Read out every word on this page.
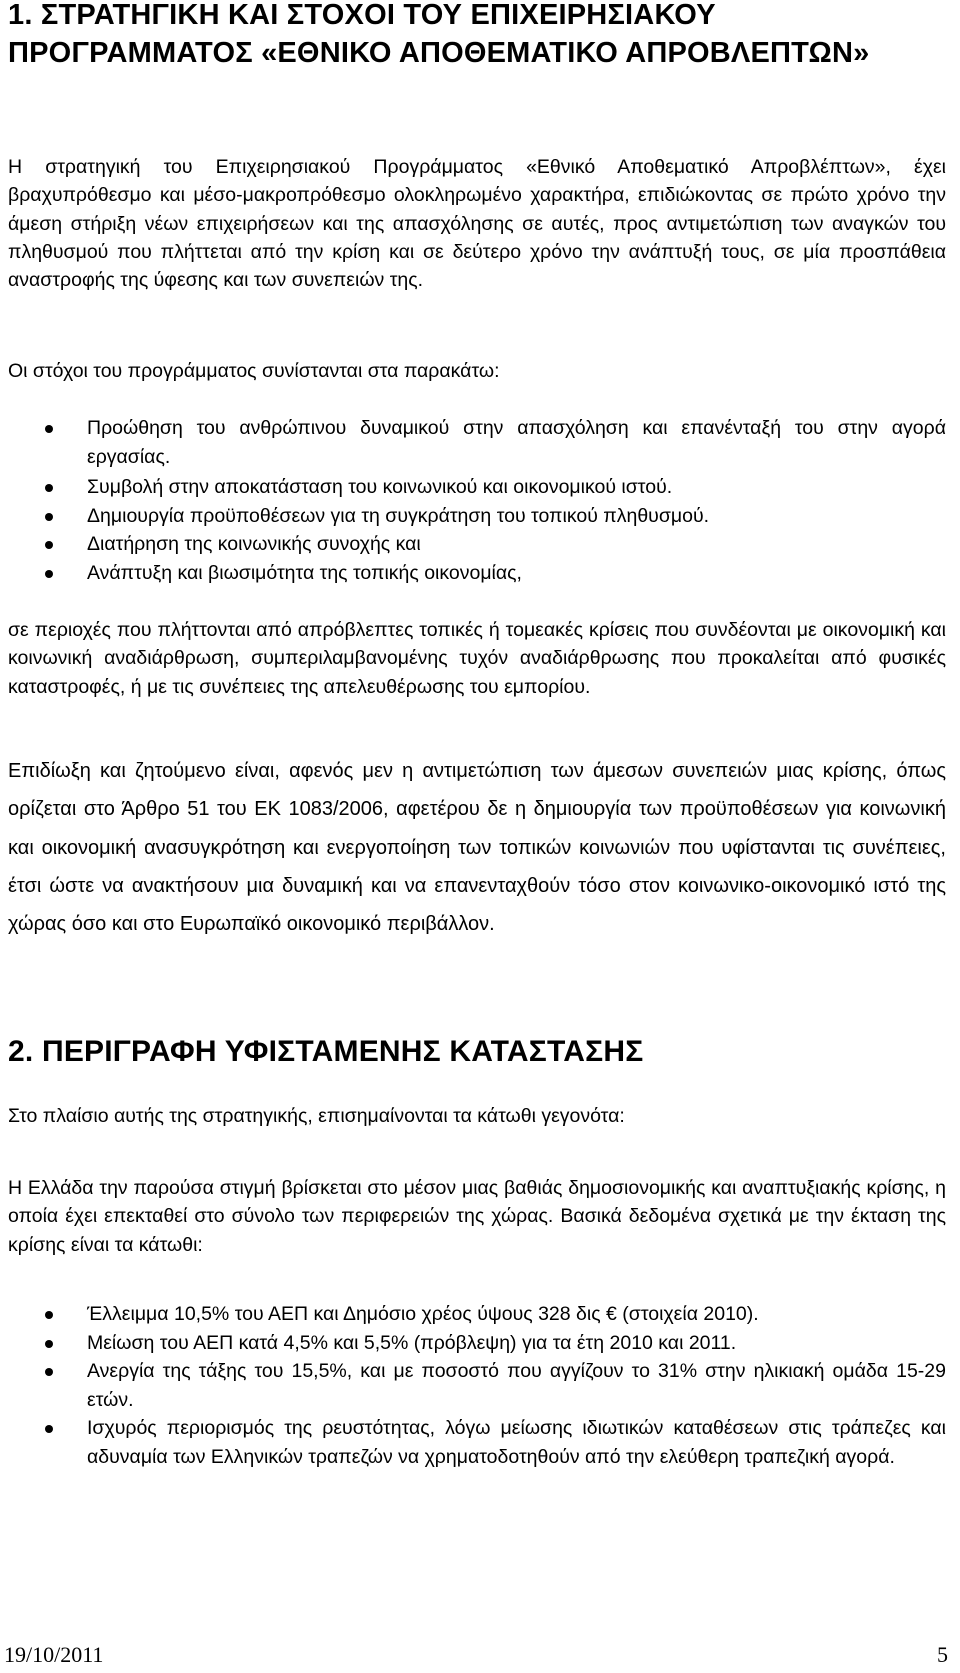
1. ΣΤΡΑΤΗΓΙΚΗ ΚΑΙ ΣΤΟΧΟΙ ΤΟΥ ΕΠΙΧΕΙΡΗΣΙΑΚΟΥ ΠΡΟΓΡΑΜΜΑΤΟΣ «ΕΘΝΙΚΟ ΑΠΟΘΕΜΑΤΙΚΟ ΑΠΡΟΒΛΕΠΤΩΝ»

Η στρατηγική του Επιχειρησιακού Προγράμματος «Εθνικό Αποθεματικό Απροβλέπτων», έχει βραχυπρόθεσμο και μέσο-μακροπρόθεσμο ολοκληρωμένο χαρακτήρα, επιδιώκοντας σε πρώτο χρόνο την άμεση στήριξη νέων επιχειρήσεων και της απασχόλησης σε αυτές, προς αντιμετώπιση των αναγκών του πληθυσμού που πλήττεται από την κρίση και σε δεύτερο χρόνο την ανάπτυξή τους, σε μία προσπάθεια αναστροφής της ύφεσης και των συνεπειών της.

Οι στόχοι του προγράμματος συνίστανται στα παρακάτω:

Προώθηση του ανθρώπινου δυναμικού στην απασχόληση και επανένταξή του στην αγορά εργασίας.
Συμβολή στην αποκατάσταση του κοινωνικού και οικονομικού ιστού.
Δημιουργία προϋποθέσεων για τη συγκράτηση του τοπικού πληθυσμού.
Διατήρηση της κοινωνικής συνοχής και
Ανάπτυξη και βιωσιμότητα της τοπικής οικονομίας,

σε περιοχές που πλήττονται από απρόβλεπτες τοπικές ή τομεακές κρίσεις που συνδέονται με οικονομική και κοινωνική αναδιάρθρωση, συμπεριλαμβανομένης τυχόν αναδιάρθρωσης που προκαλείται από φυσικές καταστροφές, ή με τις συνέπειες της απελευθέρωσης του εμπορίου.

Επιδίωξη και ζητούμενο είναι, αφενός μεν η αντιμετώπιση των άμεσων συνεπειών μιας κρίσης, όπως ορίζεται στο Άρθρο 51 του ΕΚ 1083/2006, αφετέρου δε η δημιουργία των προϋποθέσεων για κοινωνική και οικονομική ανασυγκρότηση και ενεργοποίηση των τοπικών κοινωνιών που υφίστανται τις συνέπειες, έτσι ώστε να ανακτήσουν μια δυναμική και να επανενταχθούν τόσο στον κοινωνικο-οικονομικό ιστό της χώρας όσο και στο Ευρωπαϊκό οικονομικό περιβάλλον.

2. ΠΕΡΙΓΡΑΦΗ ΥΦΙΣΤΑΜΕΝΗΣ ΚΑΤΑΣΤΑΣΗΣ

Στο πλαίσιο αυτής της στρατηγικής, επισημαίνονται τα κάτωθι γεγονότα:

Η Ελλάδα την παρούσα στιγμή βρίσκεται στο μέσον μιας βαθιάς δημοσιονομικής και αναπτυξιακής κρίσης, η οποία έχει επεκταθεί στο σύνολο των περιφερειών της χώρας. Βασικά δεδομένα σχετικά με την έκταση της κρίσης είναι τα κάτωθι:

Έλλειμμα 10,5% του ΑΕΠ και Δημόσιο χρέος ύψους 328 δις € (στοιχεία 2010).
Μείωση του ΑΕΠ κατά 4,5% και 5,5% (πρόβλεψη) για τα έτη 2010 και 2011.
Ανεργία της τάξης του 15,5%, και με ποσοστό που αγγίζουν το 31% στην ηλικιακή ομάδα 15-29 ετών.
Ισχυρός περιορισμός της ρευστότητας, λόγω μείωσης ιδιωτικών καταθέσεων στις τράπεζες και αδυναμία των Ελληνικών τραπεζών να χρηματοδοτηθούν από την ελεύθερη τραπεζική αγορά.
19/10/2011	5
